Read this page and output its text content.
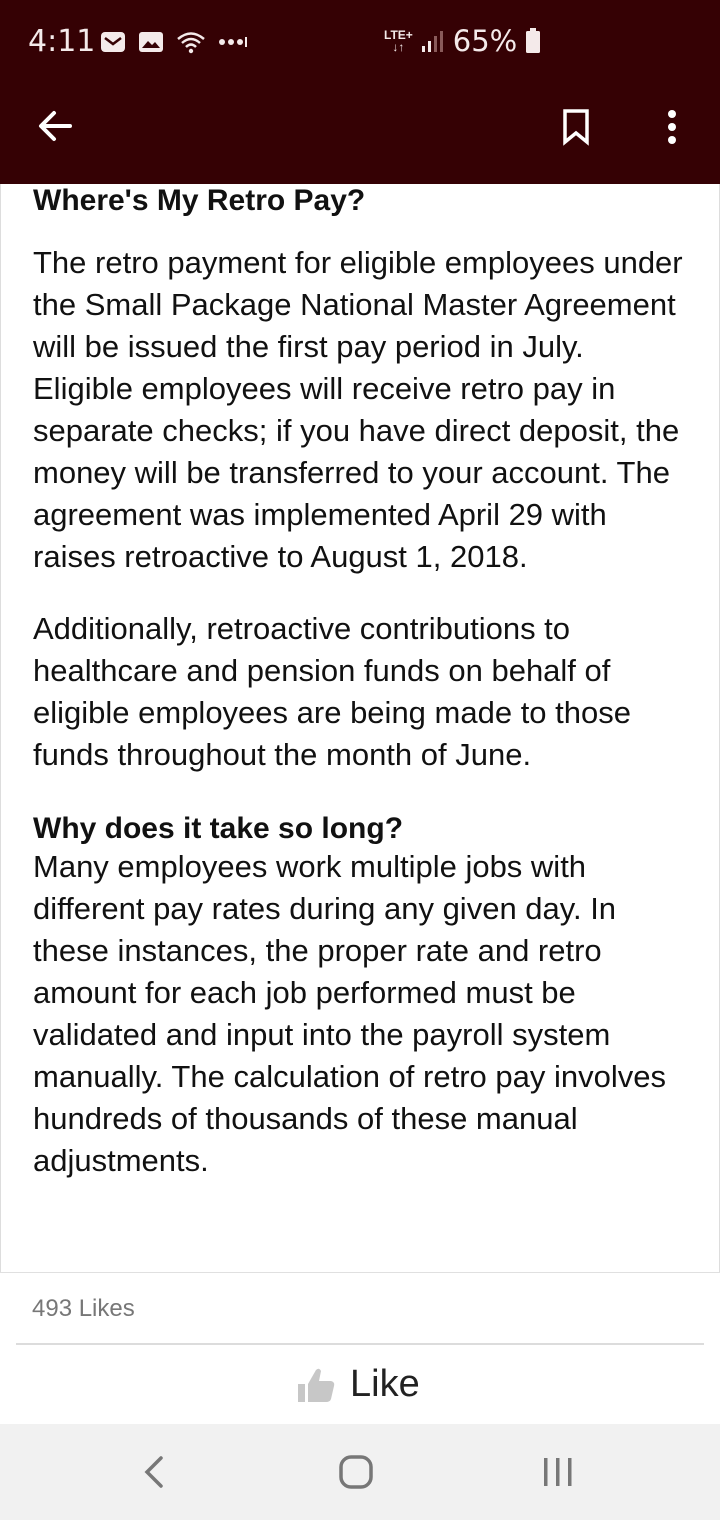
4:11	LTE+
↓↑ 65%
Where's My Retro Pay?

The retro payment for eligible employees under the Small Package National Master Agreement will be issued the first pay period in July. Eligible employees will receive retro pay in separate checks; if you have direct deposit, the money will be transferred to your account. The agreement was implemented April 29 with raises retroactive to August 1, 2018.

Additionally, retroactive contributions to healthcare and pension funds on behalf of eligible employees are being made to those funds throughout the month of June.

Why does it take so long?

Many employees work multiple jobs with different pay rates during any given day. In these instances, the proper rate and retro amount for each job performed must be validated and input into the payroll system manually. The calculation of retro pay involves hundreds of thousands of these manual adjustments.

493 Likes
Like
